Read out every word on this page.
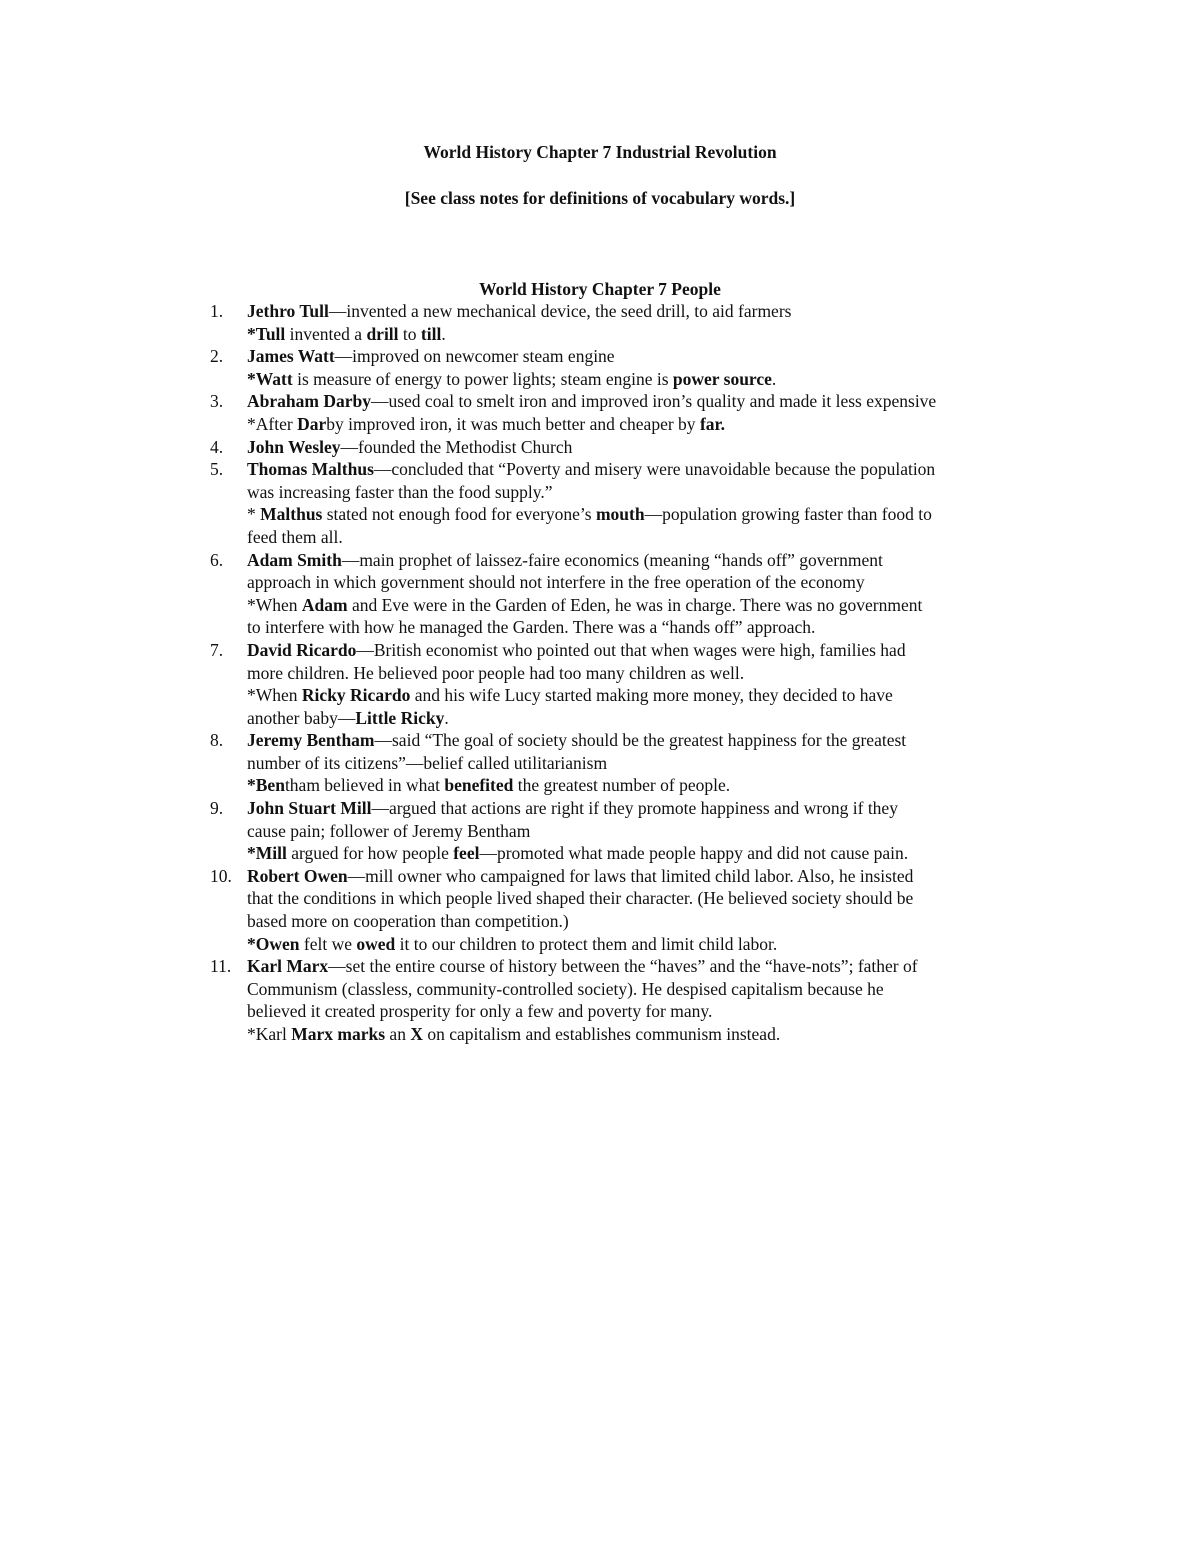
World History Chapter 7 Industrial Revolution
[See class notes for definitions of vocabulary words.]
World History Chapter 7 People
1. Jethro Tull—invented a new mechanical device, the seed drill, to aid farmers
*Tull invented a drill to till.
2. James Watt—improved on newcomer steam engine
*Watt is measure of energy to power lights; steam engine is power source.
3. Abraham Darby—used coal to smelt iron and improved iron’s quality and made it less expensive
*After Darby improved iron, it was much better and cheaper by far.
4. John Wesley—founded the Methodist Church
5. Thomas Malthus—concluded that “Poverty and misery were unavoidable because the population
was increasing faster than the food supply.”
* Malthus stated not enough food for everyone’s mouth—population growing faster than food to
feed them all.
6. Adam Smith—main prophet of laissez-faire economics (meaning “hands off” government
approach in which government should not interfere in the free operation of the economy
*When Adam and Eve were in the Garden of Eden, he was in charge. There was no government
to interfere with how he managed the Garden. There was a “hands off” approach.
7. David Ricardo—British economist who pointed out that when wages were high, families had
more children. He believed poor people had too many children as well.
*When Ricky Ricardo and his wife Lucy started making more money, they decided to have
another baby—Little Ricky.
8. Jeremy Bentham—said “The goal of society should be the greatest happiness for the greatest
number of its citizens”—belief called utilitarianism
*Bentham believed in what benefited the greatest number of people.
9. John Stuart Mill—argued that actions are right if they promote happiness and wrong if they
cause pain; follower of Jeremy Bentham
*Mill argued for how people feel—promoted what made people happy and did not cause pain.
10. Robert Owen—mill owner who campaigned for laws that limited child labor. Also, he insisted
that the conditions in which people lived shaped their character. (He believed society should be
based more on cooperation than competition.)
*Owen felt we owed it to our children to protect them and limit child labor.
11. Karl Marx—set the entire course of history between the “haves” and the “have-nots”; father of
Communism (classless, community-controlled society). He despised capitalism because he
believed it created prosperity for only a few and poverty for many.
*Karl Marx marks an X on capitalism and establishes communism instead.
